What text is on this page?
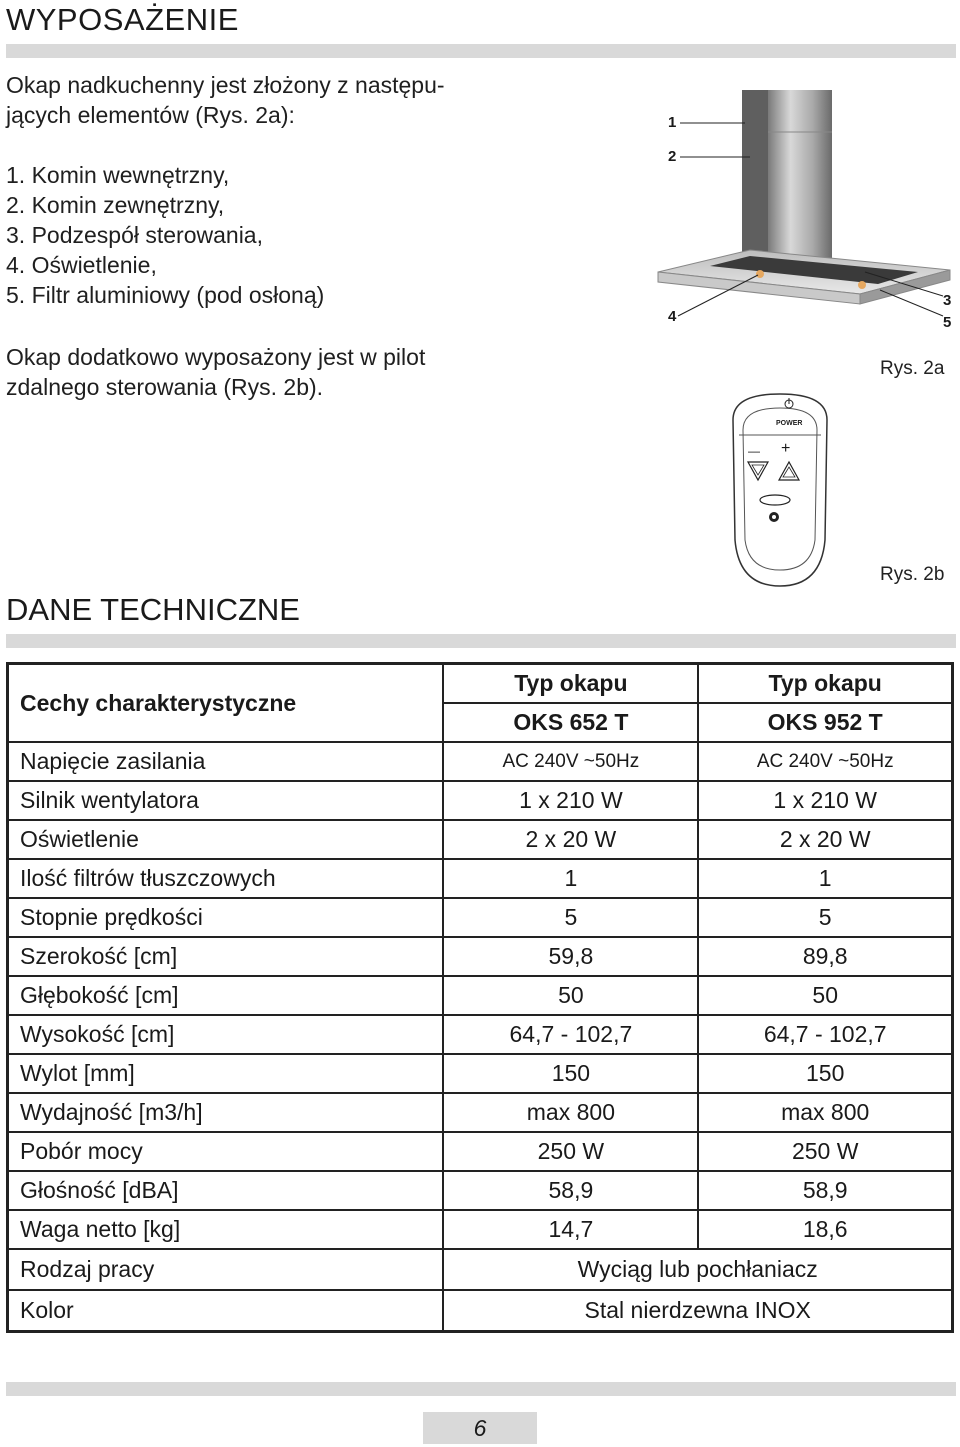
WYPOSAŻENIE
Okap nadkuchenny jest złożony z następu-
jących elementów (Rys. 2a):
1. Komin wewnętrzny,
2. Komin zewnętrzny,
3. Podzespół sterowania,
4. Oświetlenie,
5. Filtr aluminiowy (pod osłoną)
Okap dodatkowo wyposażony jest w pilot
zdalnego sterowania (Rys. 2b).
1
2
3
4	5
Rys. 2a
POWER
— +
Rys. 2b
DANE TECHNICZNE
Cechy charakterystyczne	Typ okapu	Typ okapu
	OKS 652 T	OKS 952 T
Napięcie zasilania	AC 240V ~50Hz	AC 240V ~50Hz
Silnik wentylatora	1 x 210 W	1 x 210 W
Oświetlenie	2 x 20 W	2 x 20 W
Ilość filtrów tłuszczowych	1	1
Stopnie prędkości	5	5
Szerokość [cm]	59,8	89,8
Głębokość [cm]	50	50
Wysokość [cm]	64,7 - 102,7	64,7 - 102,7
Wylot [mm]	150	150
Wydajność [m3/h]	max 800	max 800
Pobór mocy	250 W	250 W
Głośność [dBA]	58,9	58,9
Waga netto [kg]	14,7	18,6
Rodzaj pracy	Wyciąg lub pochłaniacz	
Kolor	Stal nierdzewna INOX	
6
